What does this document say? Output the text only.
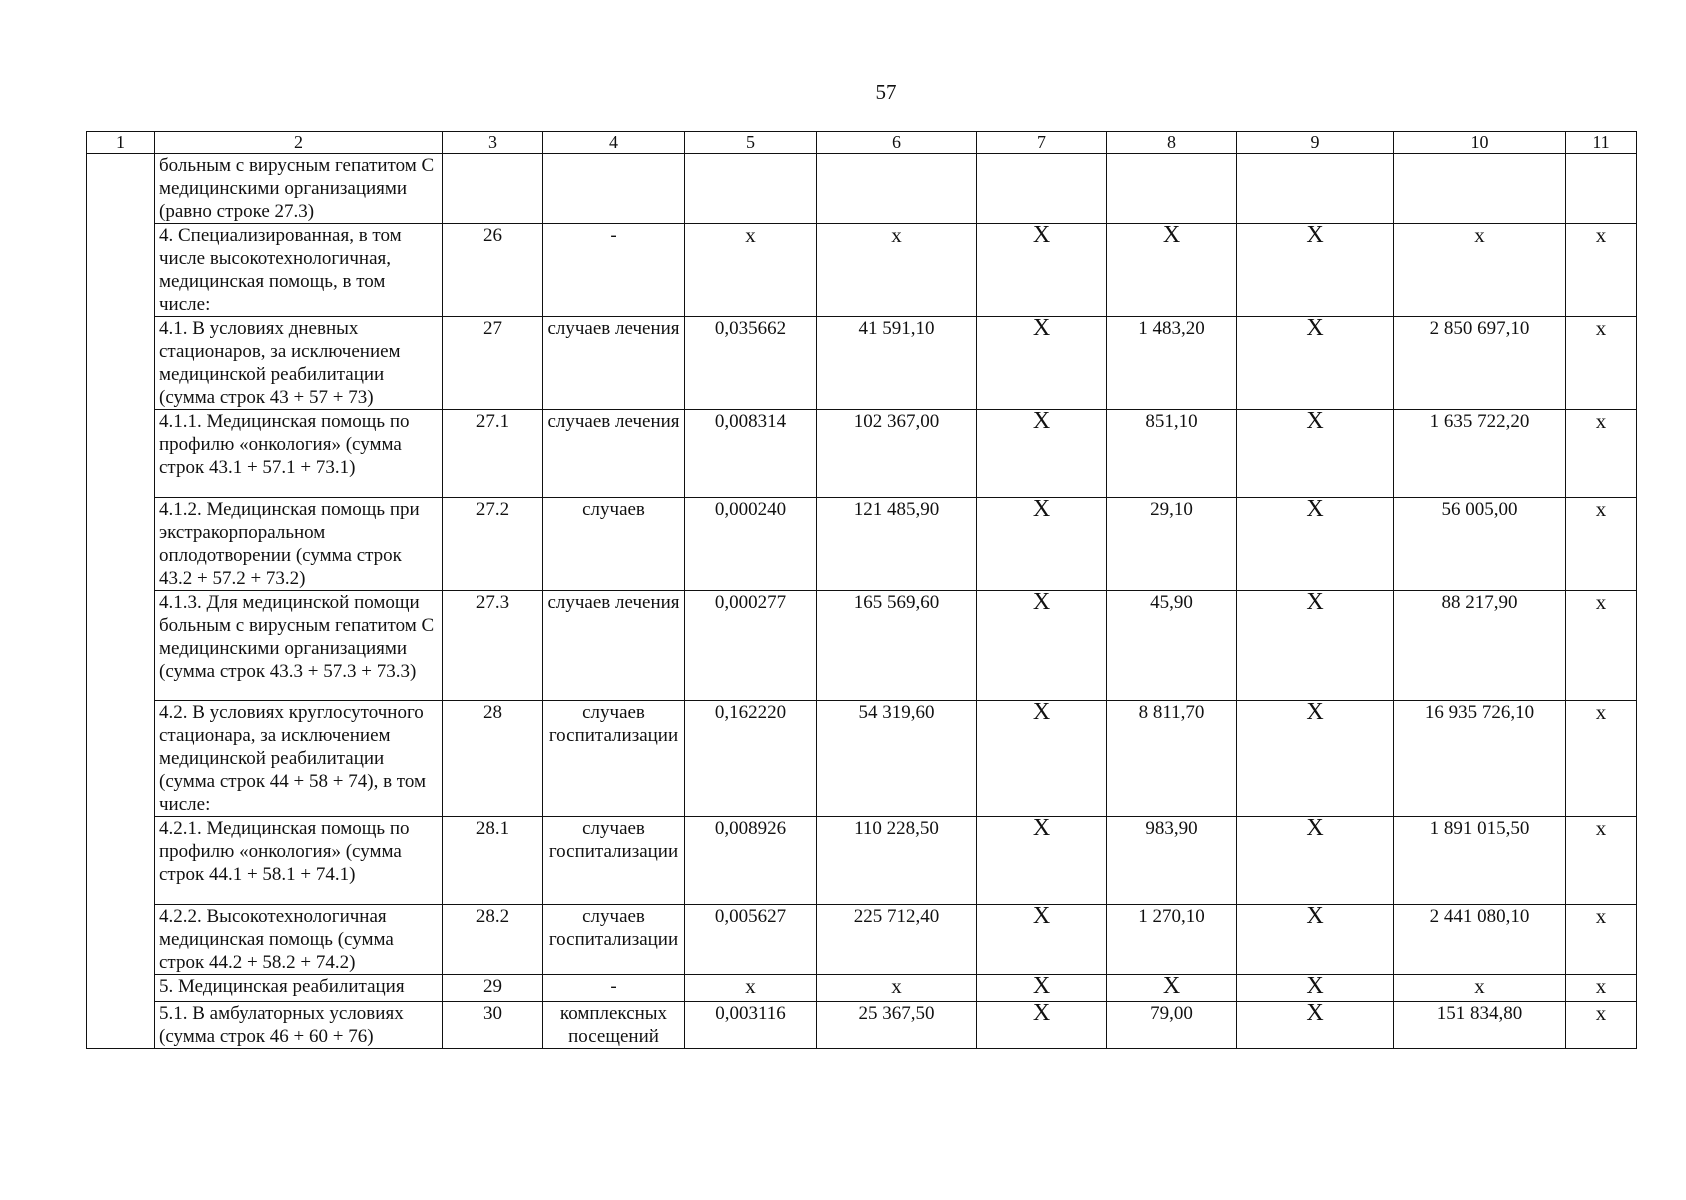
57
1	2	3	4	5	6	7	8	9	10	11
	больным с вирусным гепатитом С медицинскими организациями (равно строке 27.3)									
	4. Специализированная, в том числе высокотехнологичная, медицинская помощь, в том числе:	26	-	х	х	Х	Х	Х	х	х
	4.1. В условиях дневных стационаров, за исключением медицинской реабилитации (сумма строк 43 + 57 + 73)	27	случаев лечения	0,035662	41 591,10	Х	1 483,20	Х	2 850 697,10	х
	4.1.1. Медицинская помощь по профилю «онкология» (сумма строк 43.1 + 57.1 + 73.1)	27.1	случаев лечения	0,008314	102 367,00	Х	851,10	Х	1 635 722,20	х
	4.1.2. Медицинская помощь при экстракорпоральном оплодотворении (сумма строк 43.2 + 57.2 + 73.2)	27.2	случаев	0,000240	121 485,90	Х	29,10	Х	56 005,00	х
	4.1.3. Для медицинской помощи больным с вирусным гепатитом С медицинскими организациями (сумма строк 43.3 + 57.3 + 73.3)	27.3	случаев лечения	0,000277	165 569,60	Х	45,90	Х	88 217,90	х
	4.2. В условиях круглосуточного стационара, за исключением медицинской реабилитации (сумма строк 44 + 58 + 74), в том числе:	28	случаев госпитализации	0,162220	54 319,60	Х	8 811,70	Х	16 935 726,10	х
	4.2.1. Медицинская помощь по профилю «онкология» (сумма строк 44.1 + 58.1 + 74.1)	28.1	случаев госпитализации	0,008926	110 228,50	Х	983,90	Х	1 891 015,50	х
	4.2.2. Высокотехнологичная медицинская помощь (сумма строк 44.2 + 58.2 + 74.2)	28.2	случаев госпитализации	0,005627	225 712,40	Х	1 270,10	Х	2 441 080,10	х
	5. Медицинская реабилитация	29	-	х	х	Х	Х	Х	х	х
	5.1. В амбулаторных условиях (сумма строк 46 + 60 + 76)	30	комплексных посещений	0,003116	25 367,50	Х	79,00	Х	151 834,80	х
